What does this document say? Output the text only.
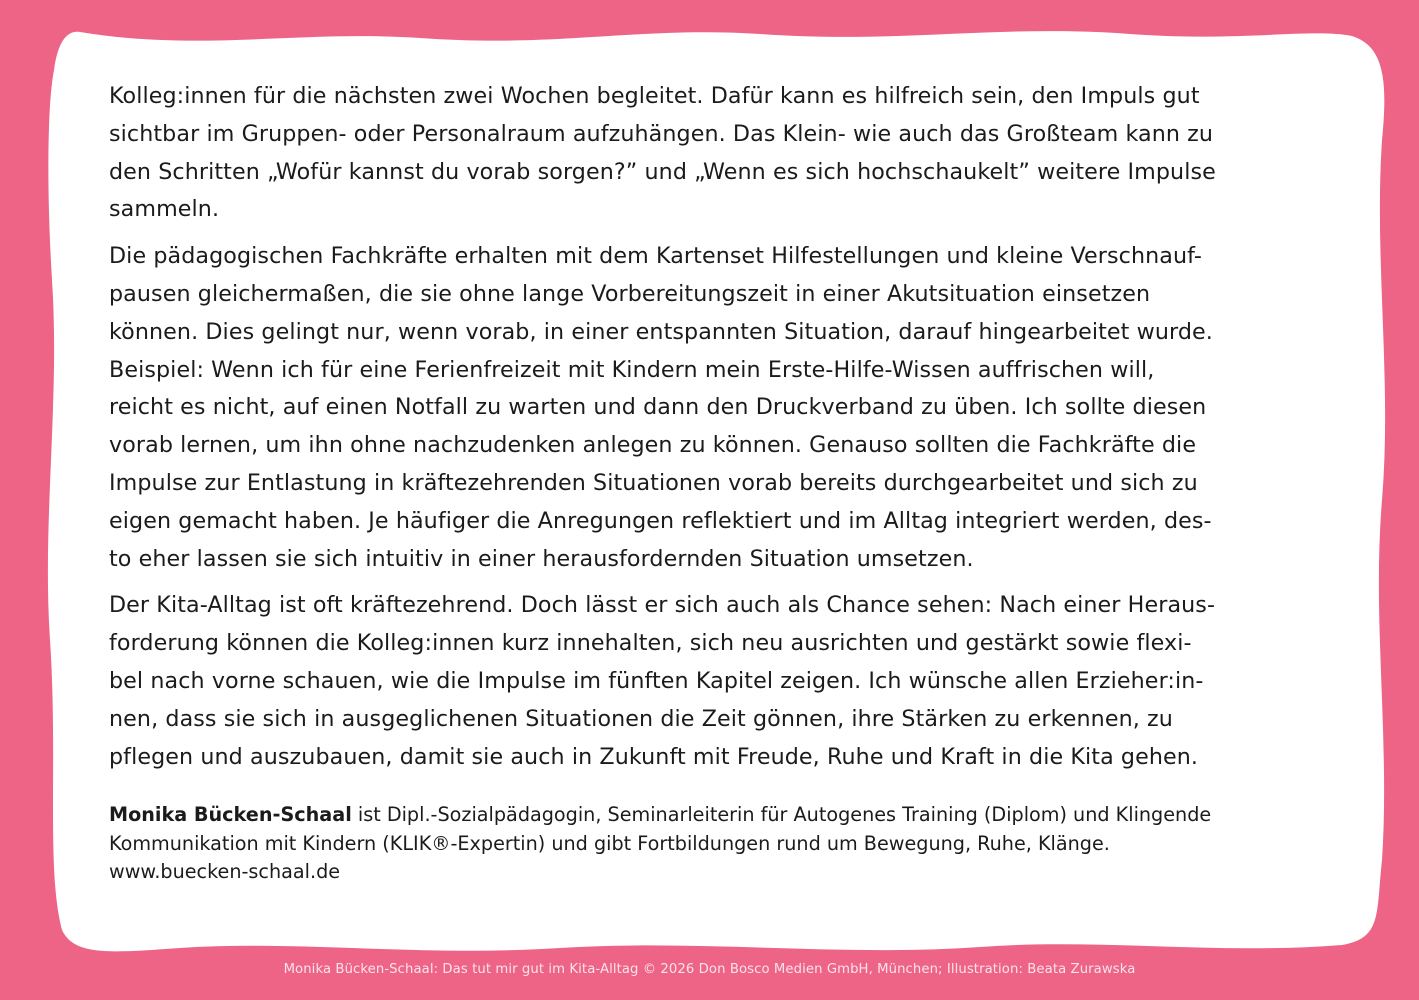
Kolleg:innen für die nächsten zwei Wochen begleitet. Dafür kann es hilfreich sein, den Impuls gut
sichtbar im Gruppen- oder Personalraum aufzuhängen. Das Klein- wie auch das Großteam kann zu
den Schritten „Wofür kannst du vorab sorgen?” und „Wenn es sich hochschaukelt” weitere Impulse
sammeln.

Die pädagogischen Fachkräfte erhalten mit dem Kartenset Hilfestellungen und kleine Verschnauf-
pausen gleichermaßen, die sie ohne lange Vorbereitungszeit in einer Akutsituation einsetzen
können. Dies gelingt nur, wenn vorab, in einer entspannten Situation, darauf hingearbeitet wurde.
Beispiel: Wenn ich für eine Ferienfreizeit mit Kindern mein Erste-Hilfe-Wissen auffrischen will,
reicht es nicht, auf einen Notfall zu warten und dann den Druckverband zu üben. Ich sollte diesen
vorab lernen, um ihn ohne nachzudenken anlegen zu können. Genauso sollten die Fachkräfte die
Impulse zur Entlastung in kräftezehrenden Situationen vorab bereits durchgearbeitet und sich zu
eigen gemacht haben. Je häufiger die Anregungen reflektiert und im Alltag integriert werden, des-
to eher lassen sie sich intuitiv in einer herausfordernden Situation umsetzen.

Der Kita-Alltag ist oft kräftezehrend. Doch lässt er sich auch als Chance sehen: Nach einer Heraus-
forderung können die Kolleg:innen kurz innehalten, sich neu ausrichten und gestärkt sowie flexi-
bel nach vorne schauen, wie die Impulse im fünften Kapitel zeigen. Ich wünsche allen Erzieher:in-
nen, dass sie sich in ausgeglichenen Situationen die Zeit gönnen, ihre Stärken zu erkennen, zu
pflegen und auszubauen, damit sie auch in Zukunft mit Freude, Ruhe und Kraft in die Kita gehen.

Monika Bücken-Schaal ist Dipl.-Sozialpädagogin, Seminarleiterin für Autogenes Training (Diplom) und Klingende
Kommunikation mit Kindern (KLIK®-Expertin) und gibt Fortbildungen rund um Bewegung, Ruhe, Klänge.
www.buecken-schaal.de
Monika Bücken-Schaal: Das tut mir gut im Kita-Alltag © 2026 Don Bosco Medien GmbH, München; Illustration: Beata Zurawska
